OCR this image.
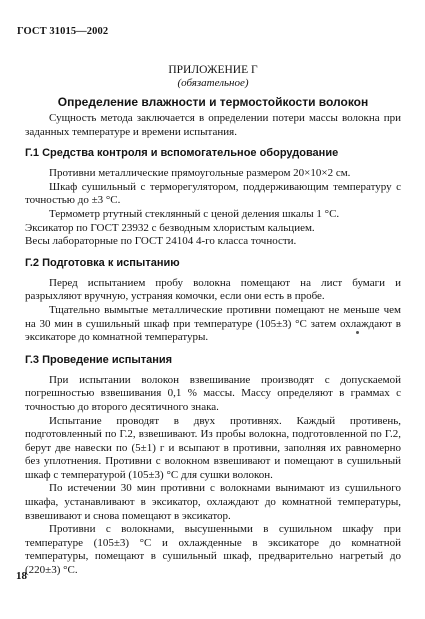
ГОСТ 31015—2002
ПРИЛОЖЕНИЕ Г
(обязательное)
Определение влажности и термостойкости волокон

Сущность метода заключается в определении потери массы волокна при заданных температуре и времени испытания.

Г.1 Средства контроля и вспомогательное оборудование

Противни металлические прямоугольные размером 20×10×2 см.

Шкаф сушильный с терморегулятором, поддерживающим температуру с точностью до ±3 °С.

Термометр ртутный стеклянный с ценой деления шкалы 1 °С.
Эксикатор по ГОСТ 23932 с безводным хлористым кальцием.
Весы лабораторные по ГОСТ 24104 4-го класса точности.

Г.2 Подготовка к испытанию

Перед испытанием пробу волокна помещают на лист бумаги и разрыхляют вручную, устраняя комочки, если они есть в пробе.

Тщательно вымытые металлические противни помещают не меньше чем на 30 мин в сушильный шкаф при температуре (105±3) °С затем охлаждают в эксикаторе до комнатной температуры.

Г.3 Проведение испытания

При испытании волокон взвешивание производят с допускаемой погрешностью взвешивания 0,1 % массы. Массу определяют в граммах с точностью до второго десятичного знака.

Испытание проводят в двух противнях. Каждый противень, подготовленный по Г.2, взвешивают. Из пробы волокна, подготовленной по Г.2, берут две навески по (5±1) г и всыпают в противни, заполняя их равномерно без уплотнения. Противни с волокном взвешивают и помещают в сушильный шкаф с температурой (105±3) °С для сушки волокон.

По истечении 30 мин противни с волокнами вынимают из сушильного шкафа, устанавливают в эксикатор, охлаждают до комнатной температуры, взвешивают и снова помещают в эксикатор.

Противни с волокнами, высушенными в сушильном шкафу при температуре (105±3) °С и охлажденные в эксикаторе до комнатной температуры, помещают в сушильный шкаф, предварительно нагретый до (220±3) °С.

18
